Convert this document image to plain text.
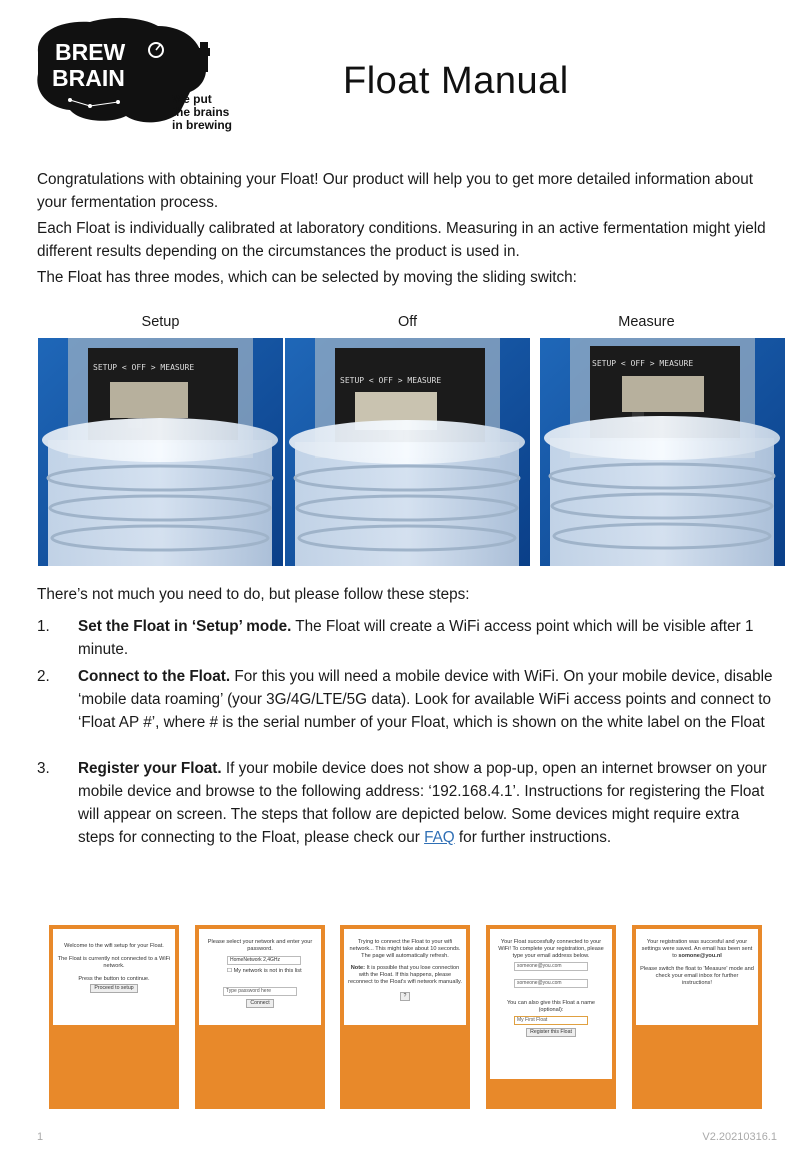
BREW
BRAIN
We put
the brains
in brewing
Float Manual

Congratulations with obtaining your Float! Our product will help you to get more detailed information about your fermentation process.

Each Float is individually calibrated at laboratory conditions. Measuring in an active fermentation might yield different results depending on the circumstances the product is used in.

The Float has three modes, which can be selected by moving the sliding switch:

Setup	Off	Measure
SETUP < OFF > MEASURE
SETUP < OFF > MEASURE
SETUP < OFF > MEASURE
There’s not much you need to do, but please follow these steps:
1. Set the Float in ‘Setup’ mode. The Float will create a WiFi access point which will be visible after 1 minute.
2. Connect to the Float. For this you will need a mobile device with WiFi. On your mobile device, disable ‘mobile data roaming’ (your 3G/4G/LTE/5G data). Look for available WiFi access points and connect to ‘Float AP #’, where # is the serial number of your Float, which is shown on the white label on the Float
3. Register your Float. If your mobile device does not show a pop-up, open an internet browser on your mobile device and browse to the following address: ‘192.168.4.1’. Instructions for registering the Float will appear on screen. The steps that follow are depicted below. Some devices might require extra steps for connecting to the Float, please check our FAQ for further instructions.
Welcome to the wifi setup for your Float.
The Float is currently not connected to a WiFi network.
Press the button to continue.
Proceed to setup
Please select your network and enter your password.
HomeNetwork 2,4GHz
☐ My network is not in this list
Type password here
Connect
Trying to connect the Float to your wifi network... This might take about 10 seconds. The page will automatically refresh.
Note: It is possible that you lose connection with the Float. If this happens, please reconnect to the Float's wifi network manually.
?
Your Float succesfully connected to your WiFi! To complete your registration, please type your email address below.
someone@you.com
someone@you.com
You can also give this Float a name (optional):
My First Float
Register this Float
Your registration was succesful and your settings were saved. An email has been sent to somone@you.nl
Please switch the float to 'Measure' mode and check your email inbox for further instructions!
1	V2.20210316.1
